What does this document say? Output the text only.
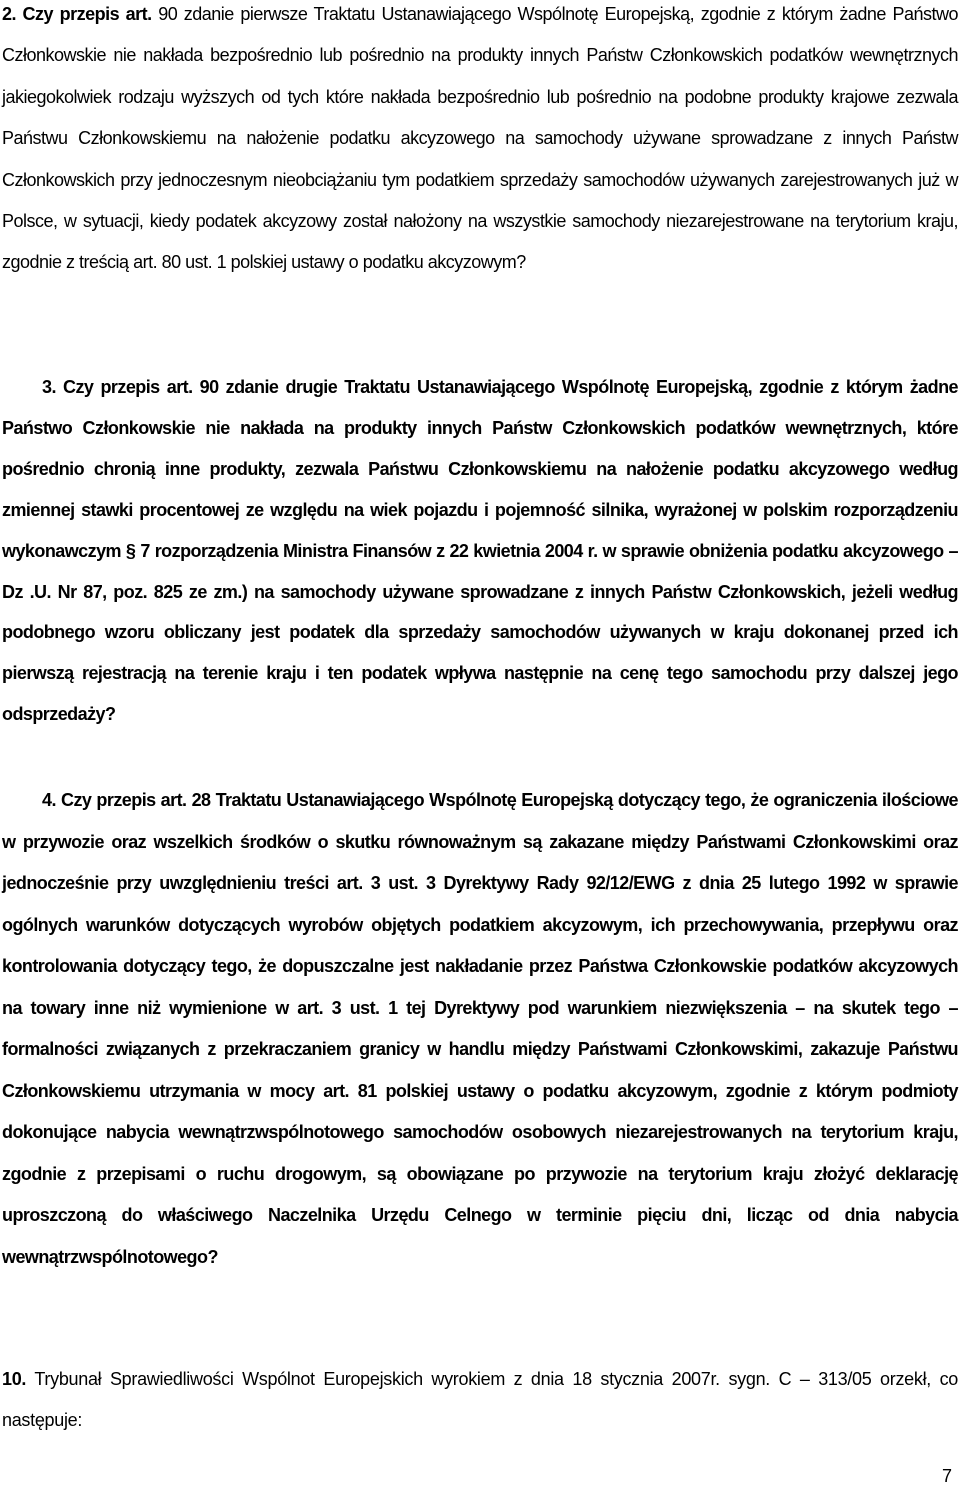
2. Czy przepis art. 90 zdanie pierwsze Traktatu Ustanawiającego Wspólnotę Europejską, zgodnie z którym żadne Państwo Członkowskie nie nakłada bezpośrednio lub pośrednio na produkty innych Państw Członkowskich podatków wewnętrznych jakiegokolwiek rodzaju wyższych od tych które nakłada bezpośrednio lub pośrednio na podobne produkty krajowe zezwala Państwu Członkowskiemu na nałożenie podatku akcyzowego na samochody używane sprowadzane z innych Państw Członkowskich przy jednoczesnym nieobciążaniu tym podatkiem sprzedaży samochodów używanych zarejestrowanych już w Polsce, w sytuacji, kiedy podatek akcyzowy został nałożony na wszystkie samochody niezarejestrowane na terytorium kraju, zgodnie z treścią art. 80 ust. 1 polskiej ustawy o podatku akcyzowym?

3. Czy przepis art. 90 zdanie drugie Traktatu Ustanawiającego Wspólnotę Europejską, zgodnie z którym żadne Państwo Członkowskie nie nakłada na produkty innych Państw Członkowskich podatków wewnętrznych, które pośrednio chronią inne produkty, zezwala Państwu Członkowskiemu na nałożenie podatku akcyzowego według zmiennej stawki procentowej ze względu na wiek pojazdu i pojemność silnika, wyrażonej w polskim rozporządzeniu wykonawczym § 7 rozporządzenia Ministra Finansów z 22 kwietnia 2004 r. w sprawie obniżenia podatku akcyzowego – Dz .U. Nr 87, poz. 825 ze zm.) na samochody używane sprowadzane z innych Państw Członkowskich, jeżeli według podobnego wzoru obliczany jest podatek dla sprzedaży samochodów używanych w kraju dokonanej przed ich pierwszą rejestracją na terenie kraju i ten podatek wpływa następnie na cenę tego samochodu przy dalszej jego odsprzedaży?

4. Czy przepis art. 28 Traktatu Ustanawiającego Wspólnotę Europejską dotyczący tego, że ograniczenia ilościowe w przywozie oraz wszelkich środków o skutku równoważnym są zakazane między Państwami Członkowskimi oraz jednocześnie przy uwzględnieniu treści art. 3 ust. 3 Dyrektywy Rady 92/12/EWG z dnia 25 lutego 1992 w sprawie ogólnych warunków dotyczących wyrobów objętych podatkiem akcyzowym, ich przechowywania, przepływu oraz kontrolowania dotyczący tego, że dopuszczalne jest nakładanie przez Państwa Członkowskie podatków akcyzowych na towary inne niż wymienione w art. 3 ust. 1 tej Dyrektywy pod warunkiem niezwiększenia – na skutek tego – formalności związanych z przekraczaniem granicy w handlu między Państwami Członkowskimi, zakazuje Państwu Członkowskiemu utrzymania w mocy art. 81 polskiej ustawy o podatku akcyzowym, zgodnie z którym podmioty dokonujące nabycia wewnątrzwspólnotowego samochodów osobowych niezarejestrowanych na terytorium kraju, zgodnie z przepisami o ruchu drogowym, są obowiązane po przywozie na terytorium kraju złożyć deklarację uproszczoną do właściwego Naczelnika Urzędu Celnego w terminie pięciu dni, licząc od dnia nabycia wewnątrzwspólnotowego?

10. Trybunał Sprawiedliwości Wspólnot Europejskich wyrokiem z dnia 18 stycznia 2007r. sygn. C – 313/05 orzekł, co następuje:

7
